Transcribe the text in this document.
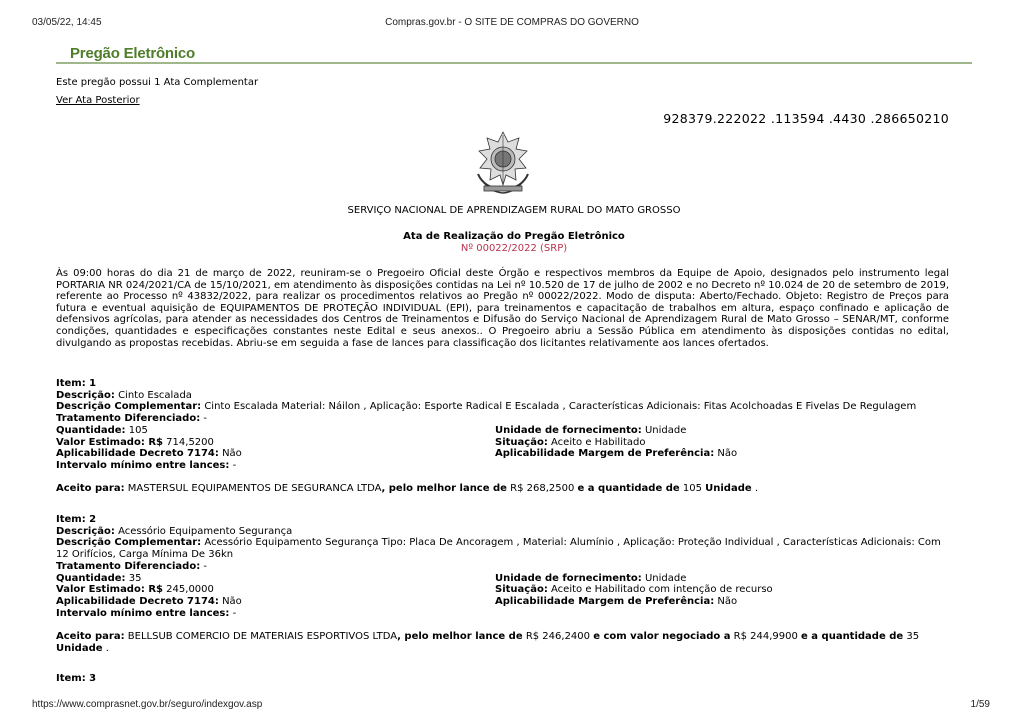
03/05/22, 14:45	Compras.gov.br - O SITE DE COMPRAS DO GOVERNO
Pregão Eletrônico
Este pregão possui 1 Ata Complementar
Ver Ata Posterior
928379.222022 .113594 .4430 .286650210
SERVIÇO NACIONAL DE APRENDIZAGEM RURAL DO MATO GROSSO
Ata de Realização do Pregão Eletrônico
Nº 00022/2022 (SRP)
Às 09:00 horas do dia 21 de março de 2022, reuniram-se o Pregoeiro Oficial deste Órgão e respectivos membros da Equipe de Apoio, designados pelo instrumento legal PORTARIA NR 024/2021/CA de 15/10/2021, em atendimento às disposições contidas na Lei nº 10.520 de 17 de julho de 2002 e no Decreto nº 10.024 de 20 de setembro de 2019, referente ao Processo nº 43832/2022, para realizar os procedimentos relativos ao Pregão nº 00022/2022. Modo de disputa: Aberto/Fechado. Objeto: Registro de Preços para futura e eventual aquisição de EQUIPAMENTOS DE PROTEÇÃO INDIVIDUAL (EPI), para treinamentos e capacitação de trabalhos em altura, espaço confinado e aplicação de defensivos agrícolas, para atender as necessidades dos Centros de Treinamentos e Difusão do Serviço Nacional de Aprendizagem Rural de Mato Grosso – SENAR/MT, conforme condições, quantidades e especificações constantes neste Edital e seus anexos.. O Pregoeiro abriu a Sessão Pública em atendimento às disposições contidas no edital, divulgando as propostas recebidas. Abriu-se em seguida a fase de lances para classificação dos licitantes relativamente aos lances ofertados.
Item: 1
Descrição: Cinto Escalada
Descrição Complementar: Cinto Escalada Material: Náilon , Aplicação: Esporte Radical E Escalada , Características Adicionais: Fitas Acolchoadas E Fivelas De Regulagem
Tratamento Diferenciado: -
Quantidade: 105	Unidade de fornecimento: Unidade
Valor Estimado: R$ 714,5200	Situação: Aceito e Habilitado
Aplicabilidade Decreto 7174: Não	Aplicabilidade Margem de Preferência: Não
Intervalo mínimo entre lances: -
Aceito para: MASTERSUL EQUIPAMENTOS DE SEGURANCA LTDA, pelo melhor lance de R$ 268,2500 e a quantidade de 105 Unidade .
Item: 2
Descrição: Acessório Equipamento Segurança
Descrição Complementar: Acessório Equipamento Segurança Tipo: Placa De Ancoragem , Material: Alumínio , Aplicação: Proteção Individual , Características Adicionais: Com 12 Orifícios, Carga Mínima De 36kn
Tratamento Diferenciado: -
Quantidade: 35	Unidade de fornecimento: Unidade
Valor Estimado: R$ 245,0000	Situação: Aceito e Habilitado com intenção de recurso
Aplicabilidade Decreto 7174: Não	Aplicabilidade Margem de Preferência: Não
Intervalo mínimo entre lances: -
Aceito para: BELLSUB COMERCIO DE MATERIAIS ESPORTIVOS LTDA, pelo melhor lance de R$ 246,2400 e com valor negociado a R$ 244,9900 e a quantidade de 35 Unidade .
Item: 3
https://www.comprasnet.gov.br/seguro/indexgov.asp	1/59
